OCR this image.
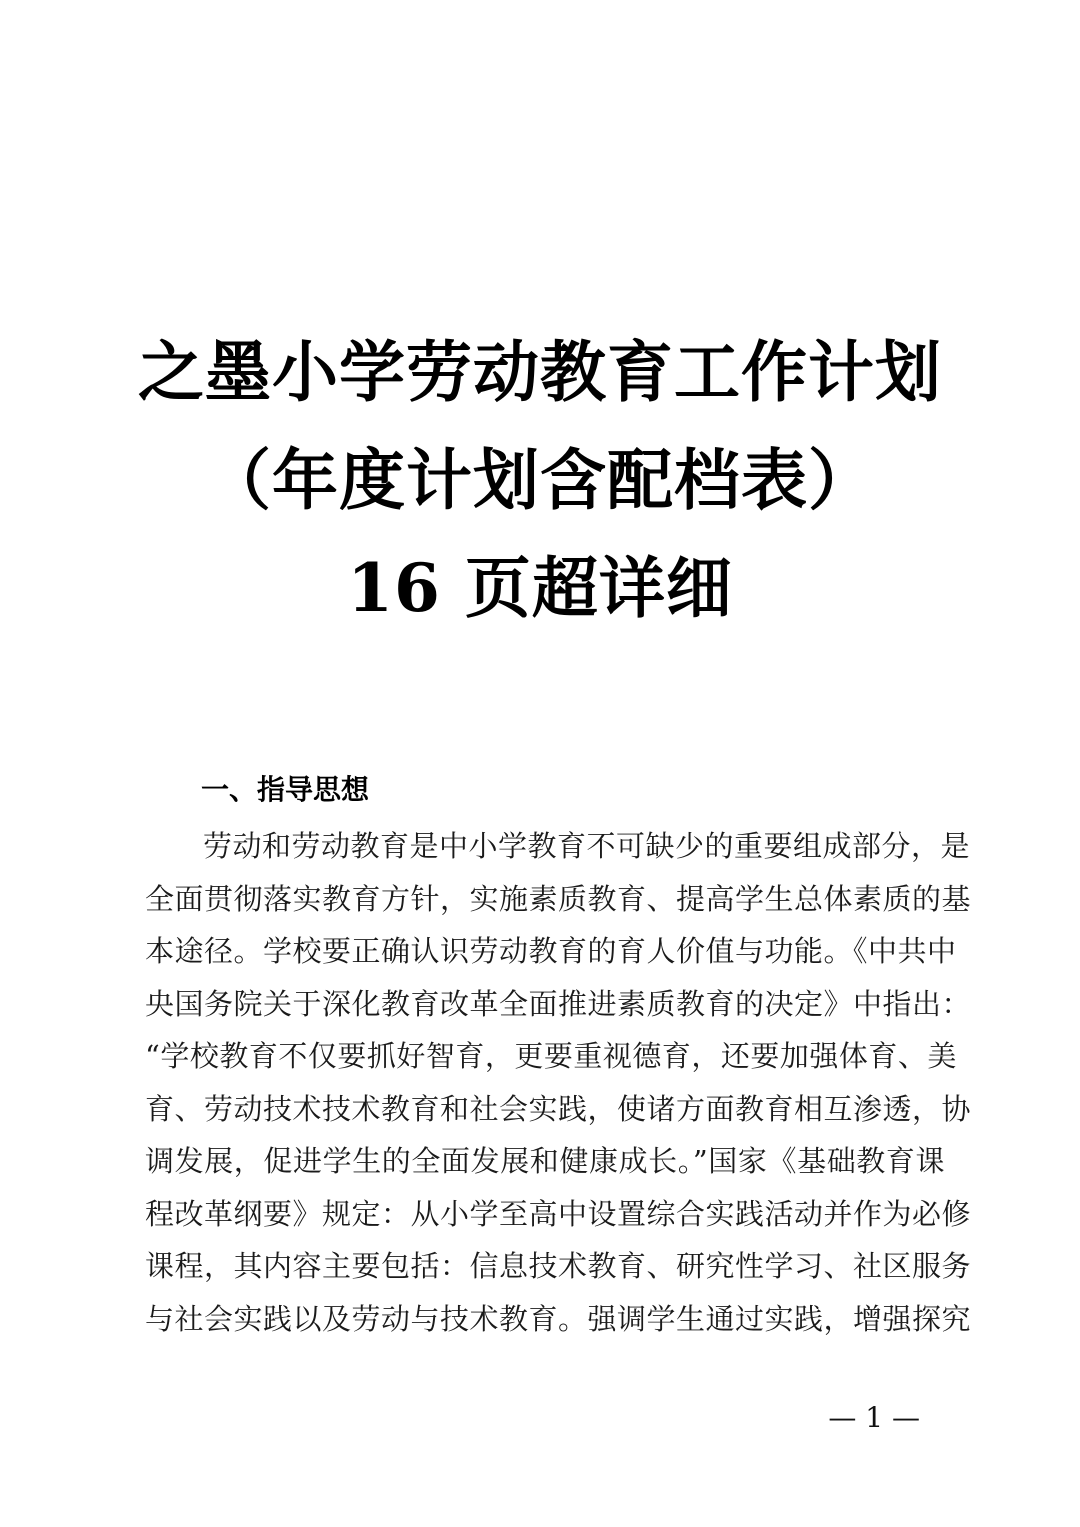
之墨小学劳动教育工作计划
（年度计划含配档表）
16 页超详细
一、指导思想
劳动和劳动教育是中小学教育不可缺少的重要组成部分，是
全面贯彻落实教育方针，实施素质教育、提高学生总体素质的基
本途径。学校要正确认识劳动教育的育人价值与功能。《中共中
央国务院关于深化教育改革全面推进素质教育的决定》中指出：
“学校教育不仅要抓好智育，更要重视德育，还要加强体育、美
育、劳动技术技术教育和社会实践，使诸方面教育相互渗透，协
调发展，促进学生的全面发展和健康成长。”国家《基础教育课
程改革纲要》规定：从小学至高中设置综合实践活动并作为必修
课程，其内容主要包括：信息技术教育、研究性学习、社区服务
与社会实践以及劳动与技术教育。强调学生通过实践，增强探究
— 1 —
